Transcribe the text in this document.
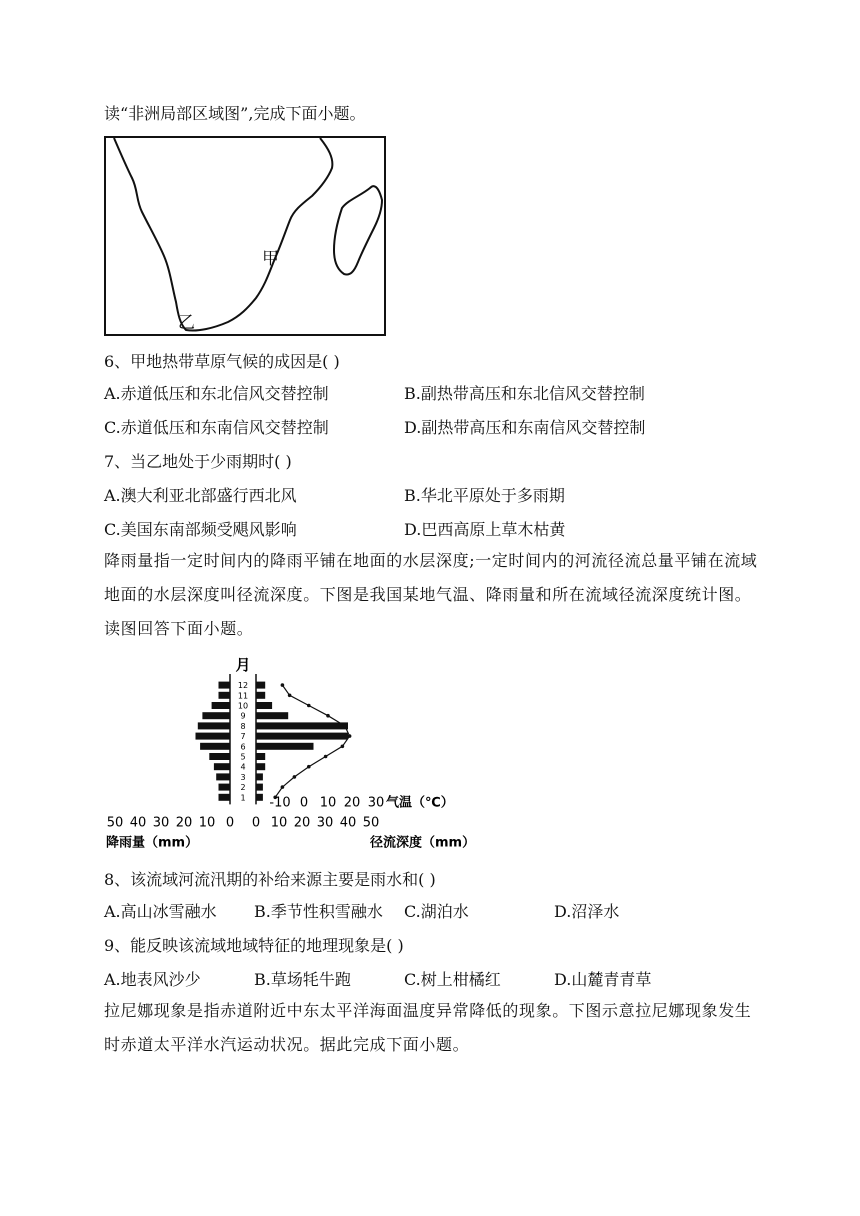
读“非洲局部区域图”,完成下面小题。
甲
乙
6、甲地热带草原气候的成因是( )
A.赤道低压和东北信风交替控制	B.副热带高压和东北信风交替控制
C.赤道低压和东南信风交替控制	D.副热带高压和东南信风交替控制
7、当乙地处于少雨期时( )
A.澳大利亚北部盛行西北风	B.华北平原处于多雨期
C.美国东南部频受飓风影响	D.巴西高原上草木枯黄
降雨量指一定时间内的降雨平铺在地面的水层深度;一定时间内的河流径流总量平铺在流域地面的水层深度叫径流深度。下图是我国某地气温、降雨量和所在流域径流深度统计图。读图回答下面小题。
月
12
11
10
9
8
7
6
5
4
3
2
1
50 40 30 20 10 0 0 10 20 30 40 50
-10 0 10 20 30 气温（℃）
降雨量（mm）	径流深度（mm）
8、该流域河流汛期的补给来源主要是雨水和( )
A.高山冰雪融水 B.季节性积雪融水 C.湖泊水	D.沼泽水
9、能反映该流域地域特征的地理现象是( )
A.地表风沙少	B.草场牦牛跑	C.树上柑橘红	D.山麓青青草
拉尼娜现象是指赤道附近中东太平洋海面温度异常降低的现象。下图示意拉尼娜现象发生时赤道太平洋水汽运动状况。据此完成下面小题。
